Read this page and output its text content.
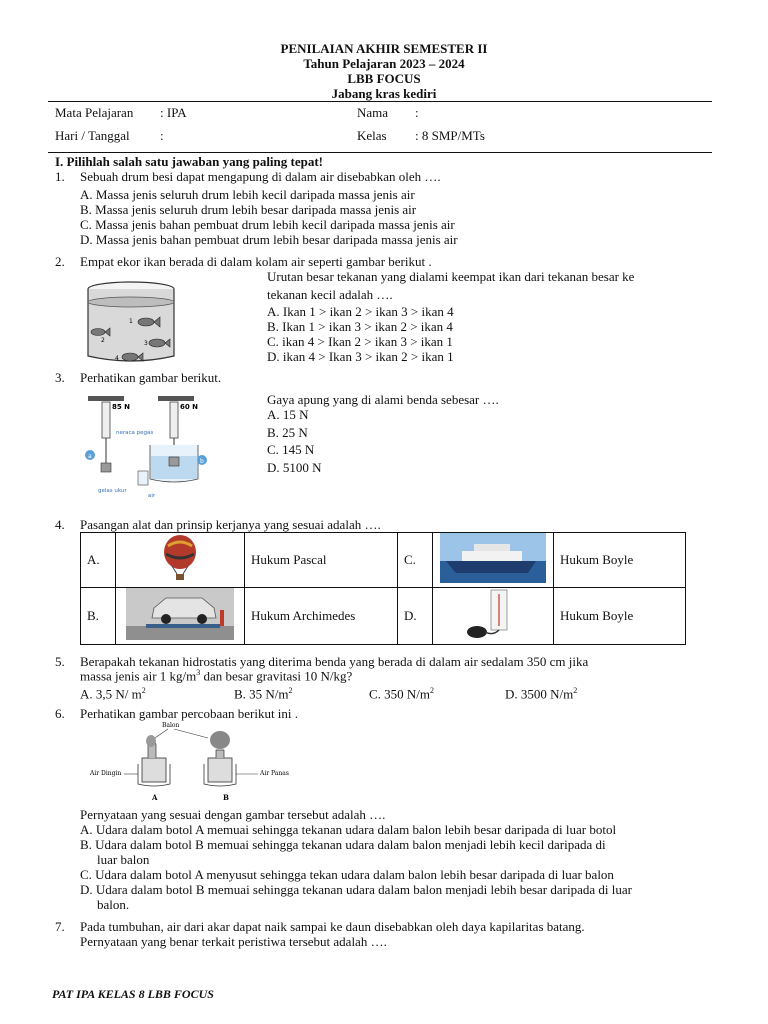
PENILAIAN AKHIR SEMESTER II
Tahun Pelajaran 2023 – 2024
LBB FOCUS
Jabang kras kediri
Mata Pelajaran : IPA	Nama :
Hari / Tanggal :	Kelas : 8 SMP/MTs
I. Pilihlah salah satu jawaban yang paling tepat!
1. Sebuah drum besi dapat mengapung di dalam air disebabkan oleh ….
A. Massa jenis seluruh drum lebih kecil daripada massa jenis air
B. Massa jenis seluruh drum lebih besar daripada massa jenis air
C. Massa jenis bahan pembuat drum lebih kecil daripada massa jenis air
D. Massa jenis bahan pembuat drum lebih besar daripada massa jenis air
2. Empat ekor ikan berada di dalam kolam air seperti gambar berikut .
Urutan besar tekanan yang dialami keempat ikan dari tekanan besar ke
tekanan kecil adalah ….
A. Ikan 1 > ikan 2 > ikan 3 > ikan 4
B. Ikan 1 > ikan 3 > ikan 2 > ikan 4
C. ikan 4 > Ikan 2 > ikan 3 > ikan 1
D. ikan 4 > Ikan 3 > ikan 2 > ikan 1
1
2	3
4
3. Perhatikan gambar berikut.
Gaya apung yang di alami benda sebesar ….
A. 15 N
B. 25 N
C. 145 N
D. 5100 N
85 N	60 N
neraca pegas
a
b
gelas ukur
air
4. Pasangan alat dan prinsip kerjanya yang sesuai adalah ….
A.		Hukum Pascal	C.		Hukum Boyle
B.		Hukum Archimedes	D.		Hukum Boyle
5. Berapakah tekanan hidrostatis yang diterima benda yang berada di dalam air sedalam 350 cm jika
massa jenis air 1 $kg/m^3$ dan besar gravitasi 10 N/kg?
A. 3,5 N/ $m^2$	B. 35 $N/m^2$	C. 350 $N/m^2$	D. 3500 $N/m^2$
6. Perhatikan gambar percobaan berikut ini .
Balon
Air Dingin	Air Panas
A	B
Pernyataan yang sesuai dengan gambar tersebut adalah ….
A. Udara dalam botol A memuai sehingga tekanan udara dalam balon lebih besar daripada di luar botol
B. Udara dalam botol B memuai sehingga tekanan udara dalam balon menjadi lebih kecil daripada di
luar balon
C. Udara dalam botol A menyusut sehingga tekan udara dalam balon lebih besar daripada di luar balon
D. Udara dalam botol B memuai sehingga tekanan udara dalam balon menjadi lebih besar daripada di luar
balon.
7. Pada tumbuhan, air dari akar dapat naik sampai ke daun disebabkan oleh daya kapilaritas batang.
Pernyataan yang benar terkait peristiwa tersebut adalah ….
PAT IPA KELAS 8 LBB FOCUS
